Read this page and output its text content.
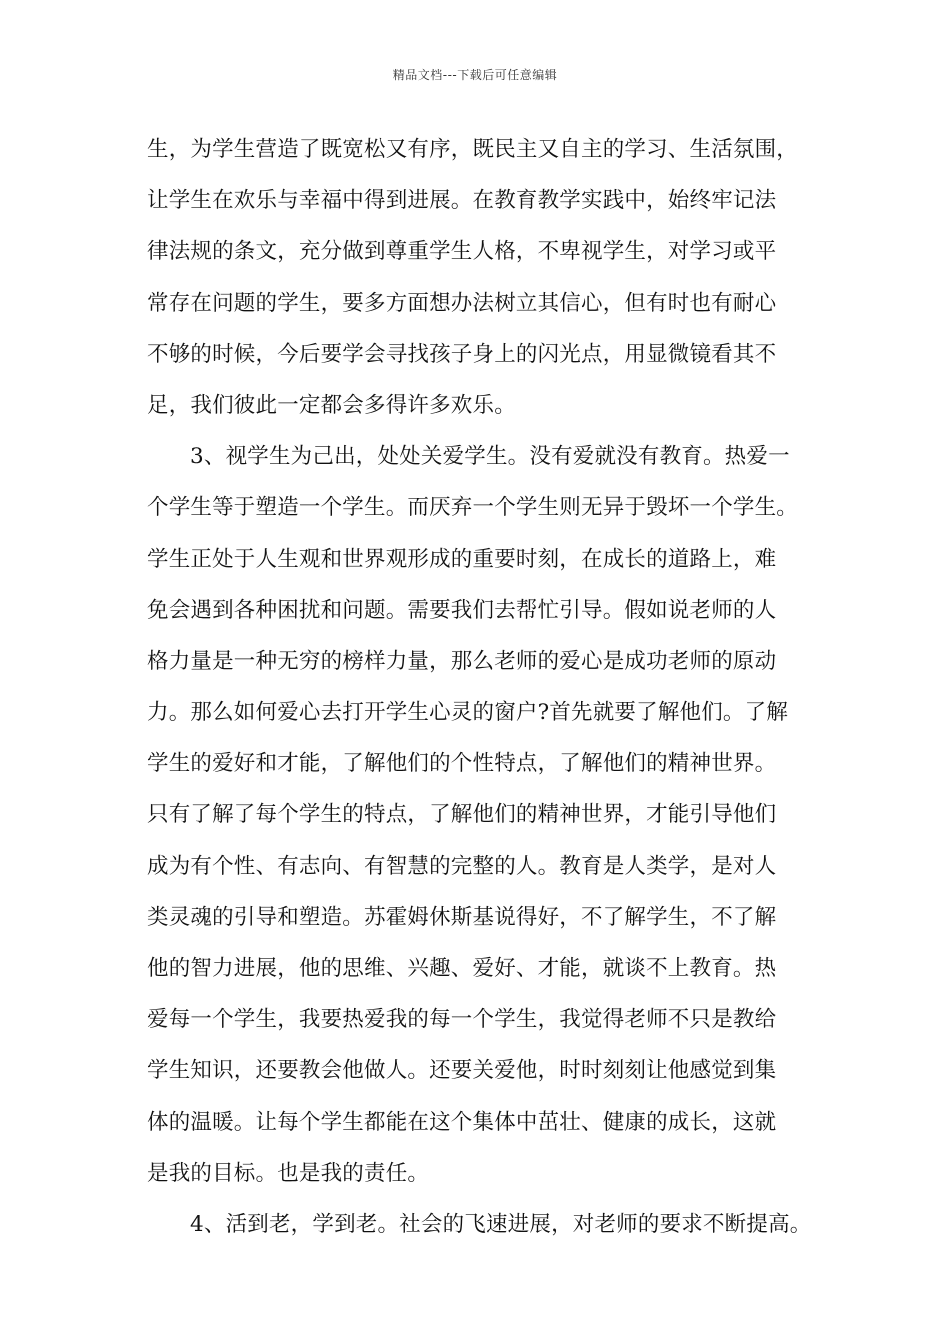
精品文档---下载后可任意编辑
生，为学生营造了既宽松又有序，既民主又自主的学习、生活氛围，
让学生在欢乐与幸福中得到进展。在教育教学实践中，始终牢记法
律法规的条文，充分做到尊重学生人格，不卑视学生，对学习或平
常存在问题的学生，要多方面想办法树立其信心，但有时也有耐心
不够的时候，今后要学会寻找孩子身上的闪光点，用显微镜看其不
足，我们彼此一定都会多得许多欢乐。
3、视学生为己出，处处关爱学生。没有爱就没有教育。热爱一
个学生等于塑造一个学生。而厌弃一个学生则无异于毁坏一个学生。
学生正处于人生观和世界观形成的重要时刻，在成长的道路上，难
免会遇到各种困扰和问题。需要我们去帮忙引导。假如说老师的人
格力量是一种无穷的榜样力量，那么老师的爱心是成功老师的原动
力。那么如何爱心去打开学生心灵的窗户?首先就要了解他们。了解
学生的爱好和才能，了解他们的个性特点，了解他们的精神世界。
只有了解了每个学生的特点，了解他们的精神世界，才能引导他们
成为有个性、有志向、有智慧的完整的人。教育是人类学，是对人
类灵魂的引导和塑造。苏霍姆休斯基说得好，不了解学生，不了解
他的智力进展，他的思维、兴趣、爱好、才能，就谈不上教育。热
爱每一个学生，我要热爱我的每一个学生，我觉得老师不只是教给
学生知识，还要教会他做人。还要关爱他，时时刻刻让他感觉到集
体的温暖。让每个学生都能在这个集体中茁壮、健康的成长，这就
是我的目标。也是我的责任。
4、活到老，学到老。社会的飞速进展，对老师的要求不断提高。
